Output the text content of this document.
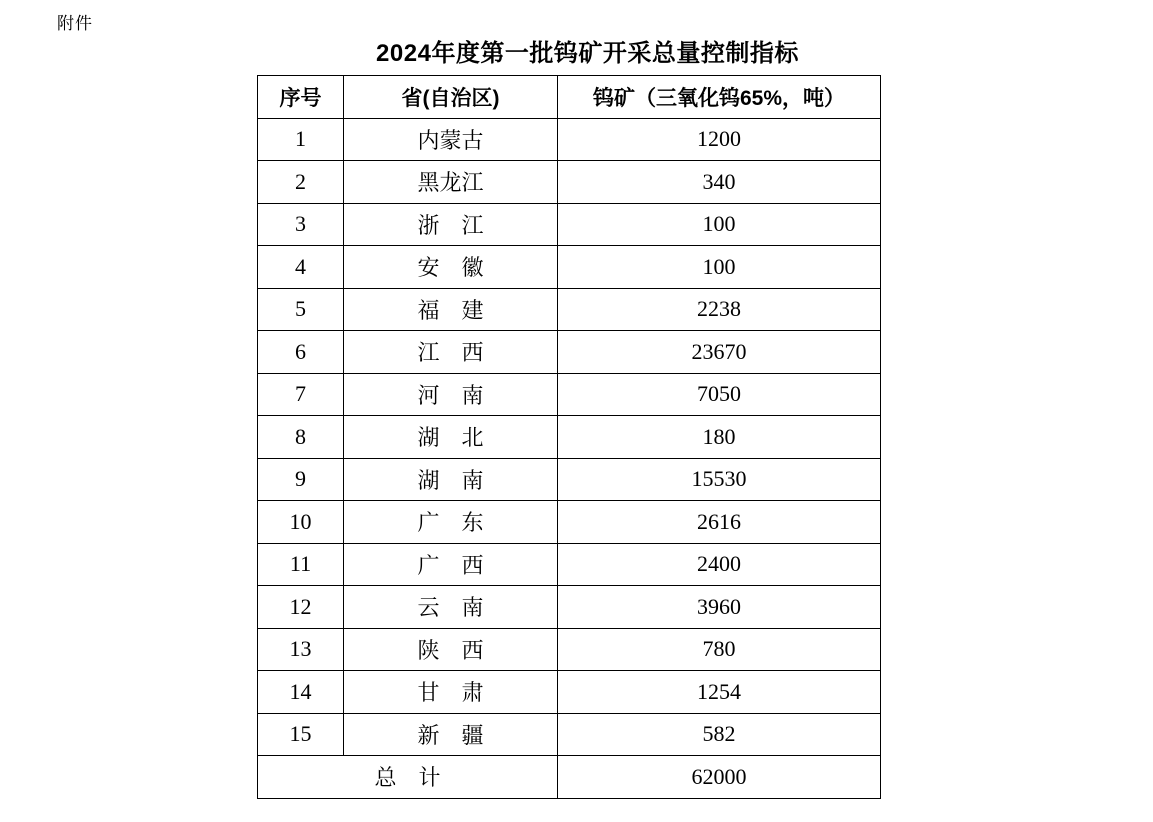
附件
2024年度第一批钨矿开采总量控制指标
序号	省(自治区)	钨矿（三氧化钨65%，吨）
1	内蒙古	1200
2	黑龙江	340
3	浙　江	100
4	安　徽	100
5	福　建	2238
6	江　西	23670
7	河　南	7050
8	湖　北	180
9	湖　南	15530
10	广　东	2616
11	广　西	2400
12	云　南	3960
13	陕　西	780
14	甘　肃	1254
15	新　疆	582
总　计		62000
